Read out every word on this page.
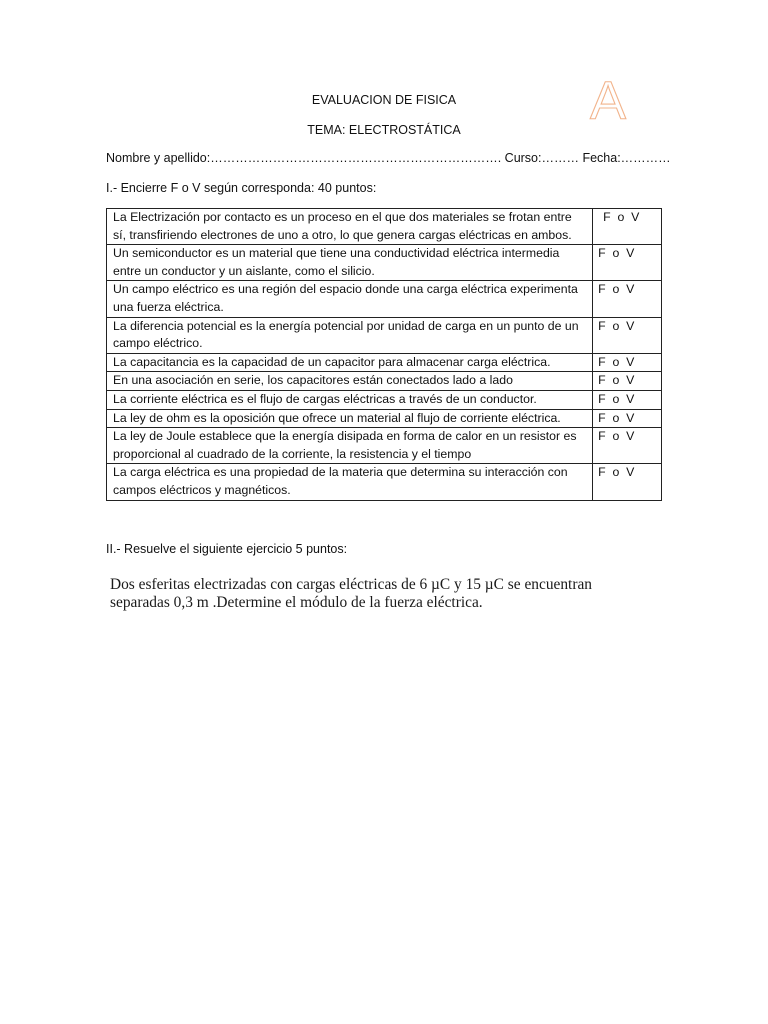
EVALUACION DE FISICA
TEMA: ELECTROSTÁTICA	A
Nombre y apellido:……………………………………………………………. Curso:……… Fecha:…………
I.- Encierre F o V según corresponda: 40 puntos:
La Electrización por contacto es un proceso en el que dos materiales se frotan entre sí, transfiriendo electrones de uno a otro, lo que genera cargas eléctricas en ambos.	F  o  V
Un semiconductor es un material que tiene una conductividad eléctrica intermedia entre un conductor y un aislante, como el silicio.	F  o  V
Un campo eléctrico es una región del espacio donde una carga eléctrica experimenta una fuerza eléctrica.	F  o  V
La diferencia potencial es la energía potencial por unidad de carga en un punto de un campo eléctrico.	F  o  V
La capacitancia es la capacidad de un capacitor para almacenar carga eléctrica.	F  o  V
En una asociación en serie, los capacitores están conectados lado a lado	F  o  V
La corriente eléctrica es el flujo de cargas eléctricas a través de un conductor.	F  o  V
La ley de ohm es la oposición que ofrece un material al flujo de corriente eléctrica.	F  o  V
La ley de Joule establece que la energía disipada en forma de calor en un resistor es proporcional al cuadrado de la corriente, la resistencia y el tiempo	F  o  V
La carga eléctrica es una propiedad de la materia que determina su interacción con campos eléctricos y magnéticos.	F  o  V
II.- Resuelve el siguiente ejercicio 5 puntos:
Dos esferitas electrizadas con cargas eléctricas de 6 µC y 15 µC se encuentran
separadas 0,3 m .Determine el módulo de la fuerza eléctrica.
